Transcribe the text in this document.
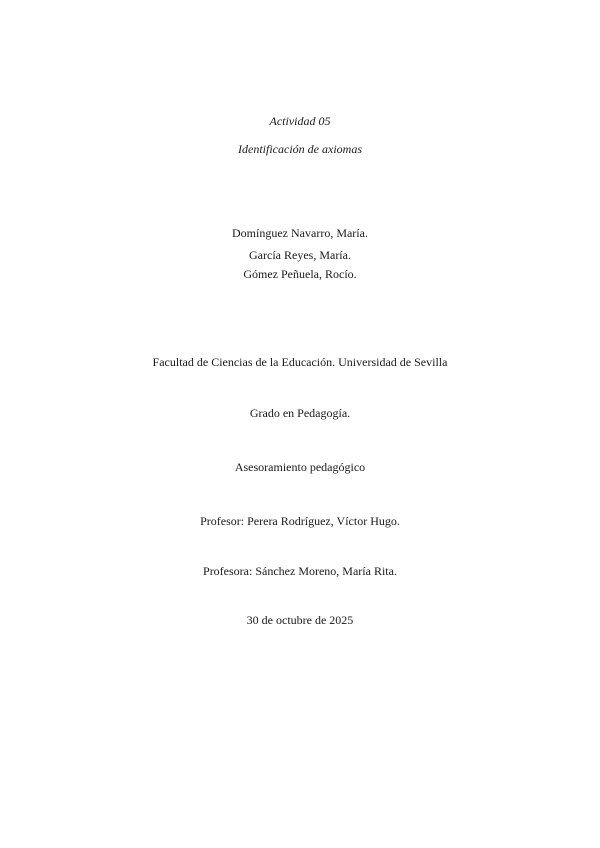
Actividad 05
Identificación de axiomas
Domínguez Navarro, María.
García Reyes, María.
Gómez Peñuela, Rocío.
Facultad de Ciencias de la Educación. Universidad de Sevilla
Grado en Pedagogía.
Asesoramiento pedagógico
Profesor: Perera Rodríguez, Víctor Hugo.
Profesora: Sánchez Moreno, María Rita.
30 de octubre de 2025
